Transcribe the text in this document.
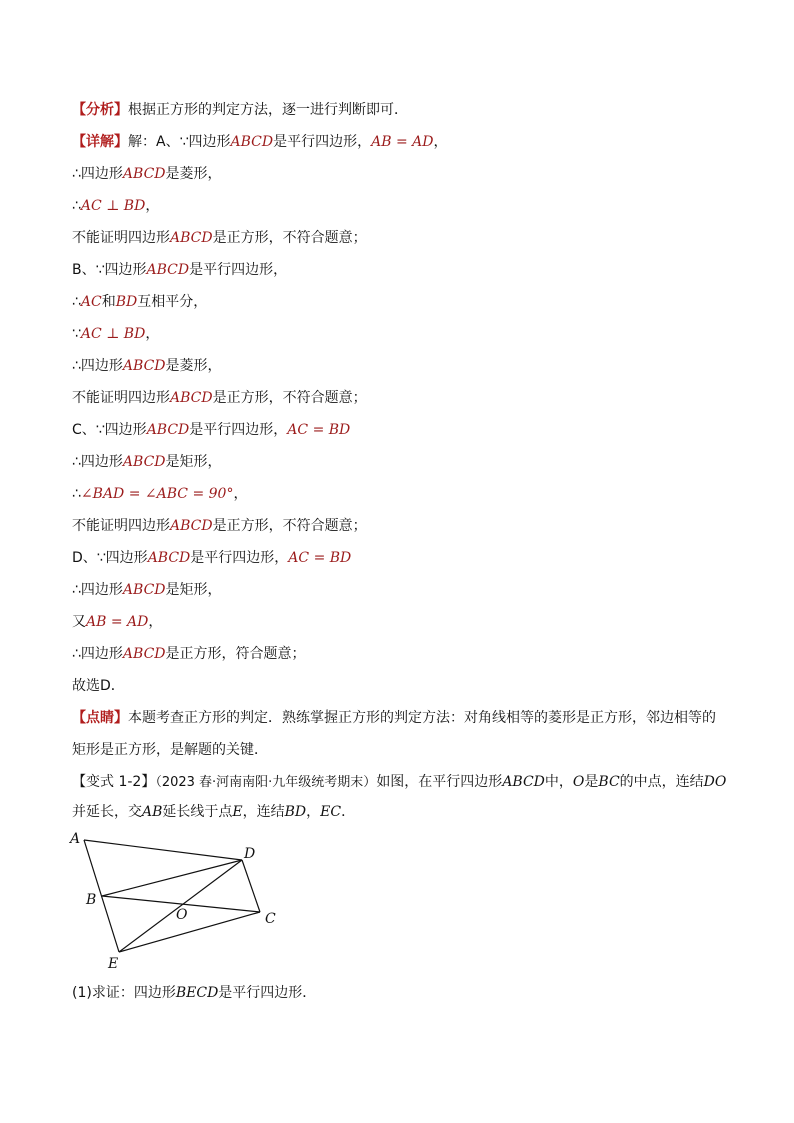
【分析】根据正方形的判定方法，逐一进行判断即可．
【详解】解：A、∵四边形ABCD是平行四边形，AB = AD，
∴四边形ABCD是菱形，
∴AC ⊥ BD，
不能证明四边形ABCD是正方形，不符合题意；
B、∵四边形ABCD是平行四边形，
∴AC和BD互相平分，
∵AC ⊥ BD，
∴四边形ABCD是菱形，
不能证明四边形ABCD是正方形，不符合题意；
C、∵四边形ABCD是平行四边形，AC = BD
∴四边形ABCD是矩形，
∴∠BAD = ∠ABC = 90°，
不能证明四边形ABCD是正方形，不符合题意；
D、∵四边形ABCD是平行四边形，AC = BD
∴四边形ABCD是矩形，
又AB = AD，
∴四边形ABCD是正方形，符合题意；
故选D．
【点睛】本题考查正方形的判定．熟练掌握正方形的判定方法：对角线相等的菱形是正方形，邻边相等的
矩形是正方形，是解题的关键．
【变式 1-2】（2023 春·河南南阳·九年级统考期末）如图，在平行四边形ABCD中，O是BC的中点，连结DO
并延长，交AB延长线于点E，连结BD，EC．
A
D
B
O	C
E
(1)求证：四边形BECD是平行四边形．
